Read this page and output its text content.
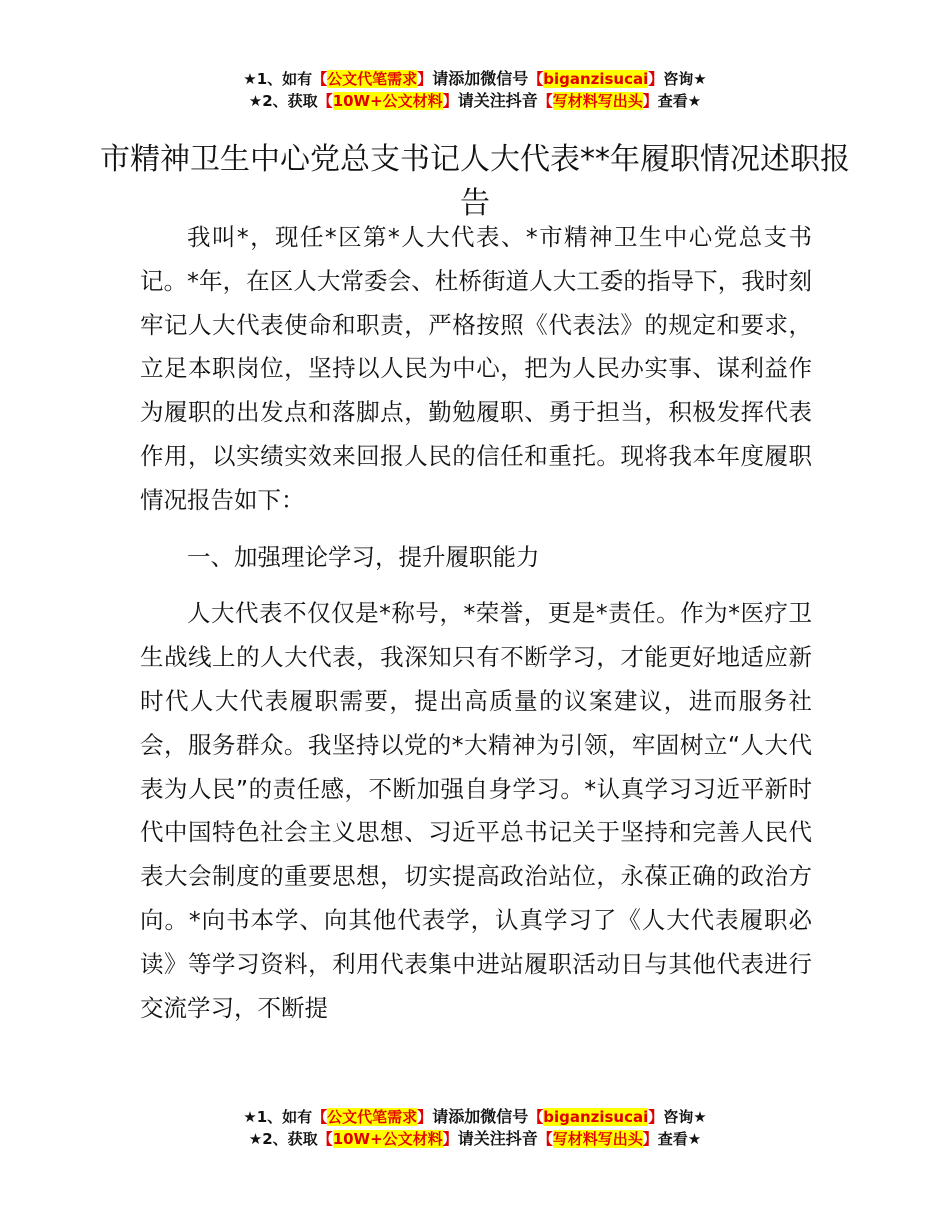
★1、如有【公文代笔需求】请添加微信号【biganzisucai】咨询★
★2、获取【10W+公文材料】请关注抖音【写材料写出头】查看★
市精神卫生中心党总支书记人大代表**年履职情况述职报告

我叫*，现任*区第*人大代表、*市精神卫生中心党总支书记。*年，在区人大常委会、杜桥街道人大工委的指导下，我时刻牢记人大代表使命和职责，严格按照《代表法》的规定和要求，立足本职岗位，坚持以人民为中心，把为人民办实事、谋利益作为履职的出发点和落脚点，勤勉履职、勇于担当，积极发挥代表作用，以实绩实效来回报人民的信任和重托。现将我本年度履职情况报告如下：

一、加强理论学习，提升履职能力

人大代表不仅仅是*称号，*荣誉，更是*责任。作为*医疗卫生战线上的人大代表，我深知只有不断学习，才能更好地适应新时代人大代表履职需要，提出高质量的议案建议，进而服务社会，服务群众。我坚持以党的*大精神为引领，牢固树立“人大代表为人民”的责任感，不断加强自身学习。*认真学习习近平新时代中国特色社会主义思想、习近平总书记关于坚持和完善人民代表大会制度的重要思想，切实提高政治站位，永葆正确的政治方向。*向书本学、向其他代表学，认真学习了《人大代表履职必读》等学习资料，利用代表集中进站履职活动日与其他代表进行交流学习，不断提

★1、如有【公文代笔需求】请添加微信号【biganzisucai】咨询★
★2、获取【10W+公文材料】请关注抖音【写材料写出头】查看★
